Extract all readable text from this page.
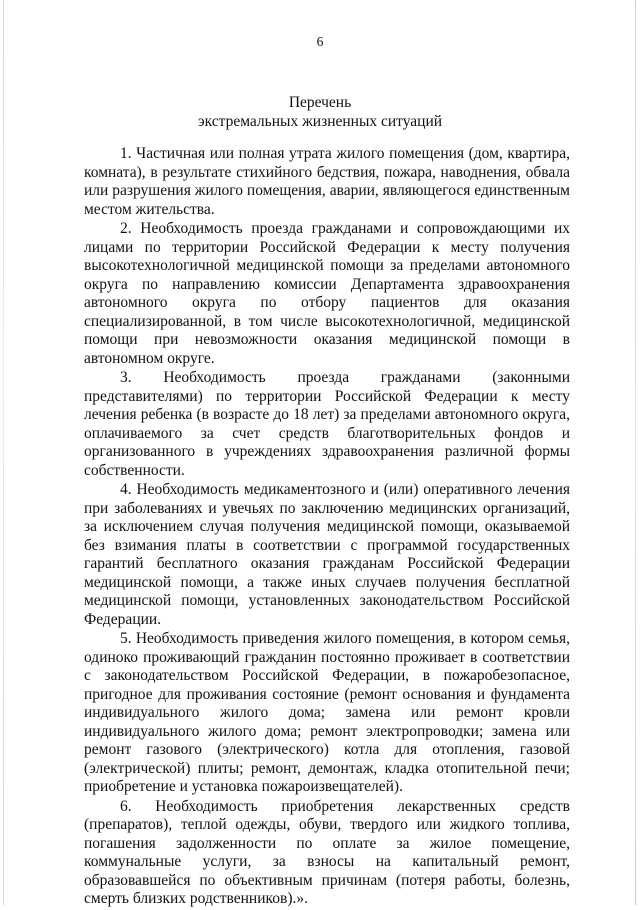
6
Перечень
экстремальных жизненных ситуаций

1. Частичная или полная утрата жилого помещения (дом, квартира, комната), в результате стихийного бедствия, пожара, наводнения, обвала или разрушения жилого помещения, аварии, являющегося единственным местом жительства.

2. Необходимость проезда гражданами и сопровождающими их лицами по территории Российской Федерации к месту получения высокотехнологичной медицинской помощи за пределами автономного округа по направлению комиссии Департамента здравоохранения автономного округа по отбору пациентов для оказания специализированной, в том числе высокотехнологичной, медицинской помощи при невозможности оказания медицинской помощи в автономном округе.

3. Необходимость проезда гражданами (законными представителями) по территории Российской Федерации к месту лечения ребенка (в возрасте до 18 лет) за пределами автономного округа, оплачиваемого за счет средств благотворительных фондов и организованного в учреждениях здравоохранения различной формы собственности.

4. Необходимость медикаментозного и (или) оперативного лечения при заболеваниях и увечьях по заключению медицинских организаций, за исключением случая получения медицинской помощи, оказываемой без взимания платы в соответствии с программой государственных гарантий бесплатного оказания гражданам Российской Федерации медицинской помощи, а также иных случаев получения бесплатной медицинской помощи, установленных законодательством Российской Федерации.

5. Необходимость приведения жилого помещения, в котором семья, одиноко проживающий гражданин постоянно проживает в соответствии с законодательством Российской Федерации, в пожаробезопасное, пригодное для проживания состояние (ремонт основания и фундамента индивидуального жилого дома; замена или ремонт кровли индивидуального жилого дома; ремонт электропроводки; замена или ремонт газового (электрического) котла для отопления, газовой (электрической) плиты; ремонт, демонтаж, кладка отопительной печи; приобретение и установка пожароизвещателей).

6. Необходимость приобретения лекарственных средств (препаратов), теплой одежды, обуви, твердого или жидкого топлива, погашения задолженности по оплате за жилое помещение, коммунальные услуги, за взносы на капитальный ремонт, образовавшейся по объективным причинам (потеря работы, болезнь, смерть близких родственников).».
